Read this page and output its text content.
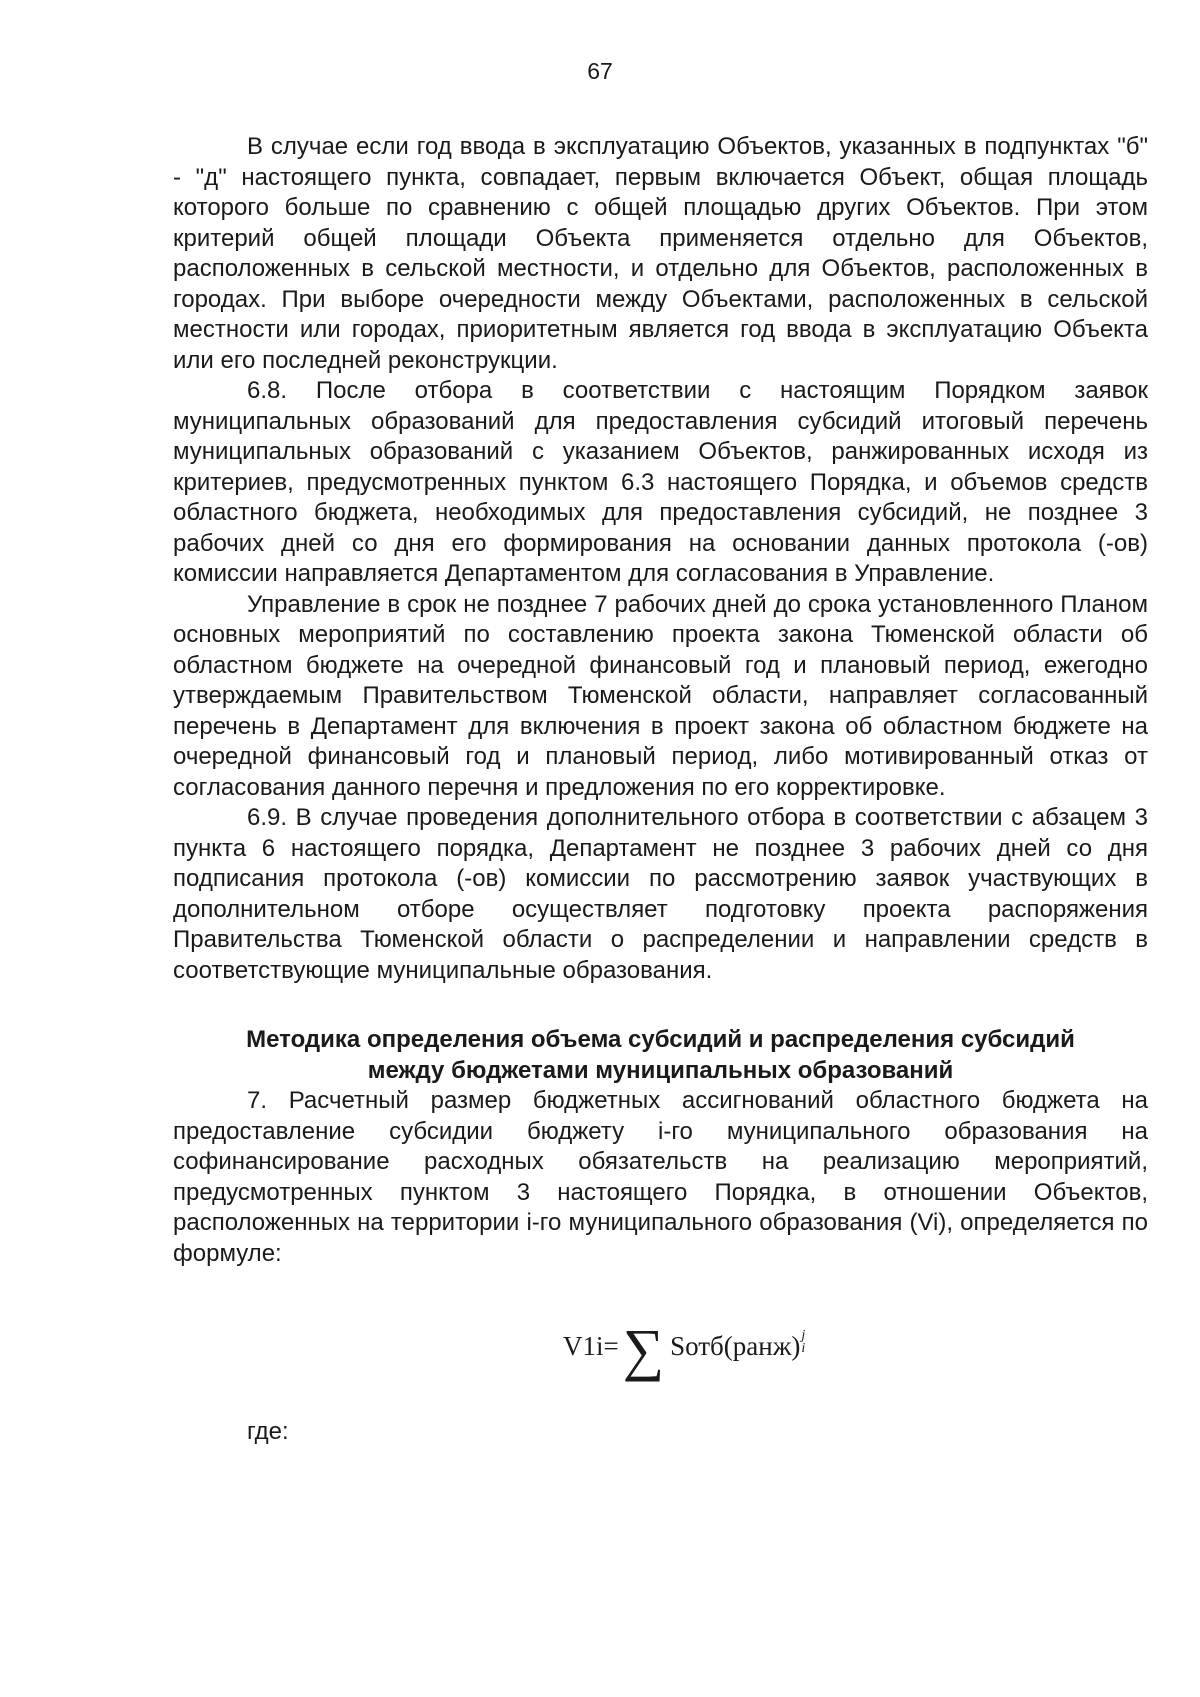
67

В случае если год ввода в эксплуатацию Объектов, указанных в подпунктах "б" - "д" настоящего пункта, совпадает, первым включается Объект, общая площадь которого больше по сравнению с общей площадью других Объектов. При этом критерий общей площади Объекта применяется отдельно для Объектов, расположенных в сельской местности, и отдельно для Объектов, расположенных в городах. При выборе очередности между Объектами, расположенных в сельской местности или городах, приоритетным является год ввода в эксплуатацию Объекта или его последней реконструкции.

6.8. После отбора в соответствии с настоящим Порядком заявок муниципальных образований для предоставления субсидий итоговый перечень муниципальных образований с указанием Объектов, ранжированных исходя из критериев, предусмотренных пунктом 6.3 настоящего Порядка, и объемов средств областного бюджета, необходимых для предоставления субсидий, не позднее 3 рабочих дней со дня его формирования на основании данных протокола (-ов) комиссии направляется Департаментом для согласования в Управление.

Управление в срок не позднее 7 рабочих дней до срока установленного Планом основных мероприятий по составлению проекта закона Тюменской области об областном бюджете на очередной финансовый год и плановый период, ежегодно утверждаемым Правительством Тюменской области, направляет согласованный перечень в Департамент для включения в проект закона об областном бюджете на очередной финансовый год и плановый период, либо мотивированный отказ от согласования данного перечня и предложения по его корректировке.

6.9. В случае проведения дополнительного отбора в соответствии с абзацем 3 пункта 6 настоящего порядка, Департамент не позднее 3 рабочих дней со дня подписания протокола (-ов) комиссии по рассмотрению заявок участвующих в дополнительном отборе осуществляет подготовку проекта распоряжения Правительства Тюменской области о распределении и направлении средств в соответствующие муниципальные образования.

Методика определения объема субсидий и распределения субсидий
между бюджетами муниципальных образований

7. Расчетный размер бюджетных ассигнований областного бюджета на предоставление субсидии бюджету i-го муниципального образования на софинансирование расходных обязательств на реализацию мероприятий, предусмотренных пунктом 3 настоящего Порядка, в отношении Объектов, расположенных на территории i-го муниципального образования (Vi), определяется по формуле:

V1i= ∑ Sотб(ранж) j
i
где:
